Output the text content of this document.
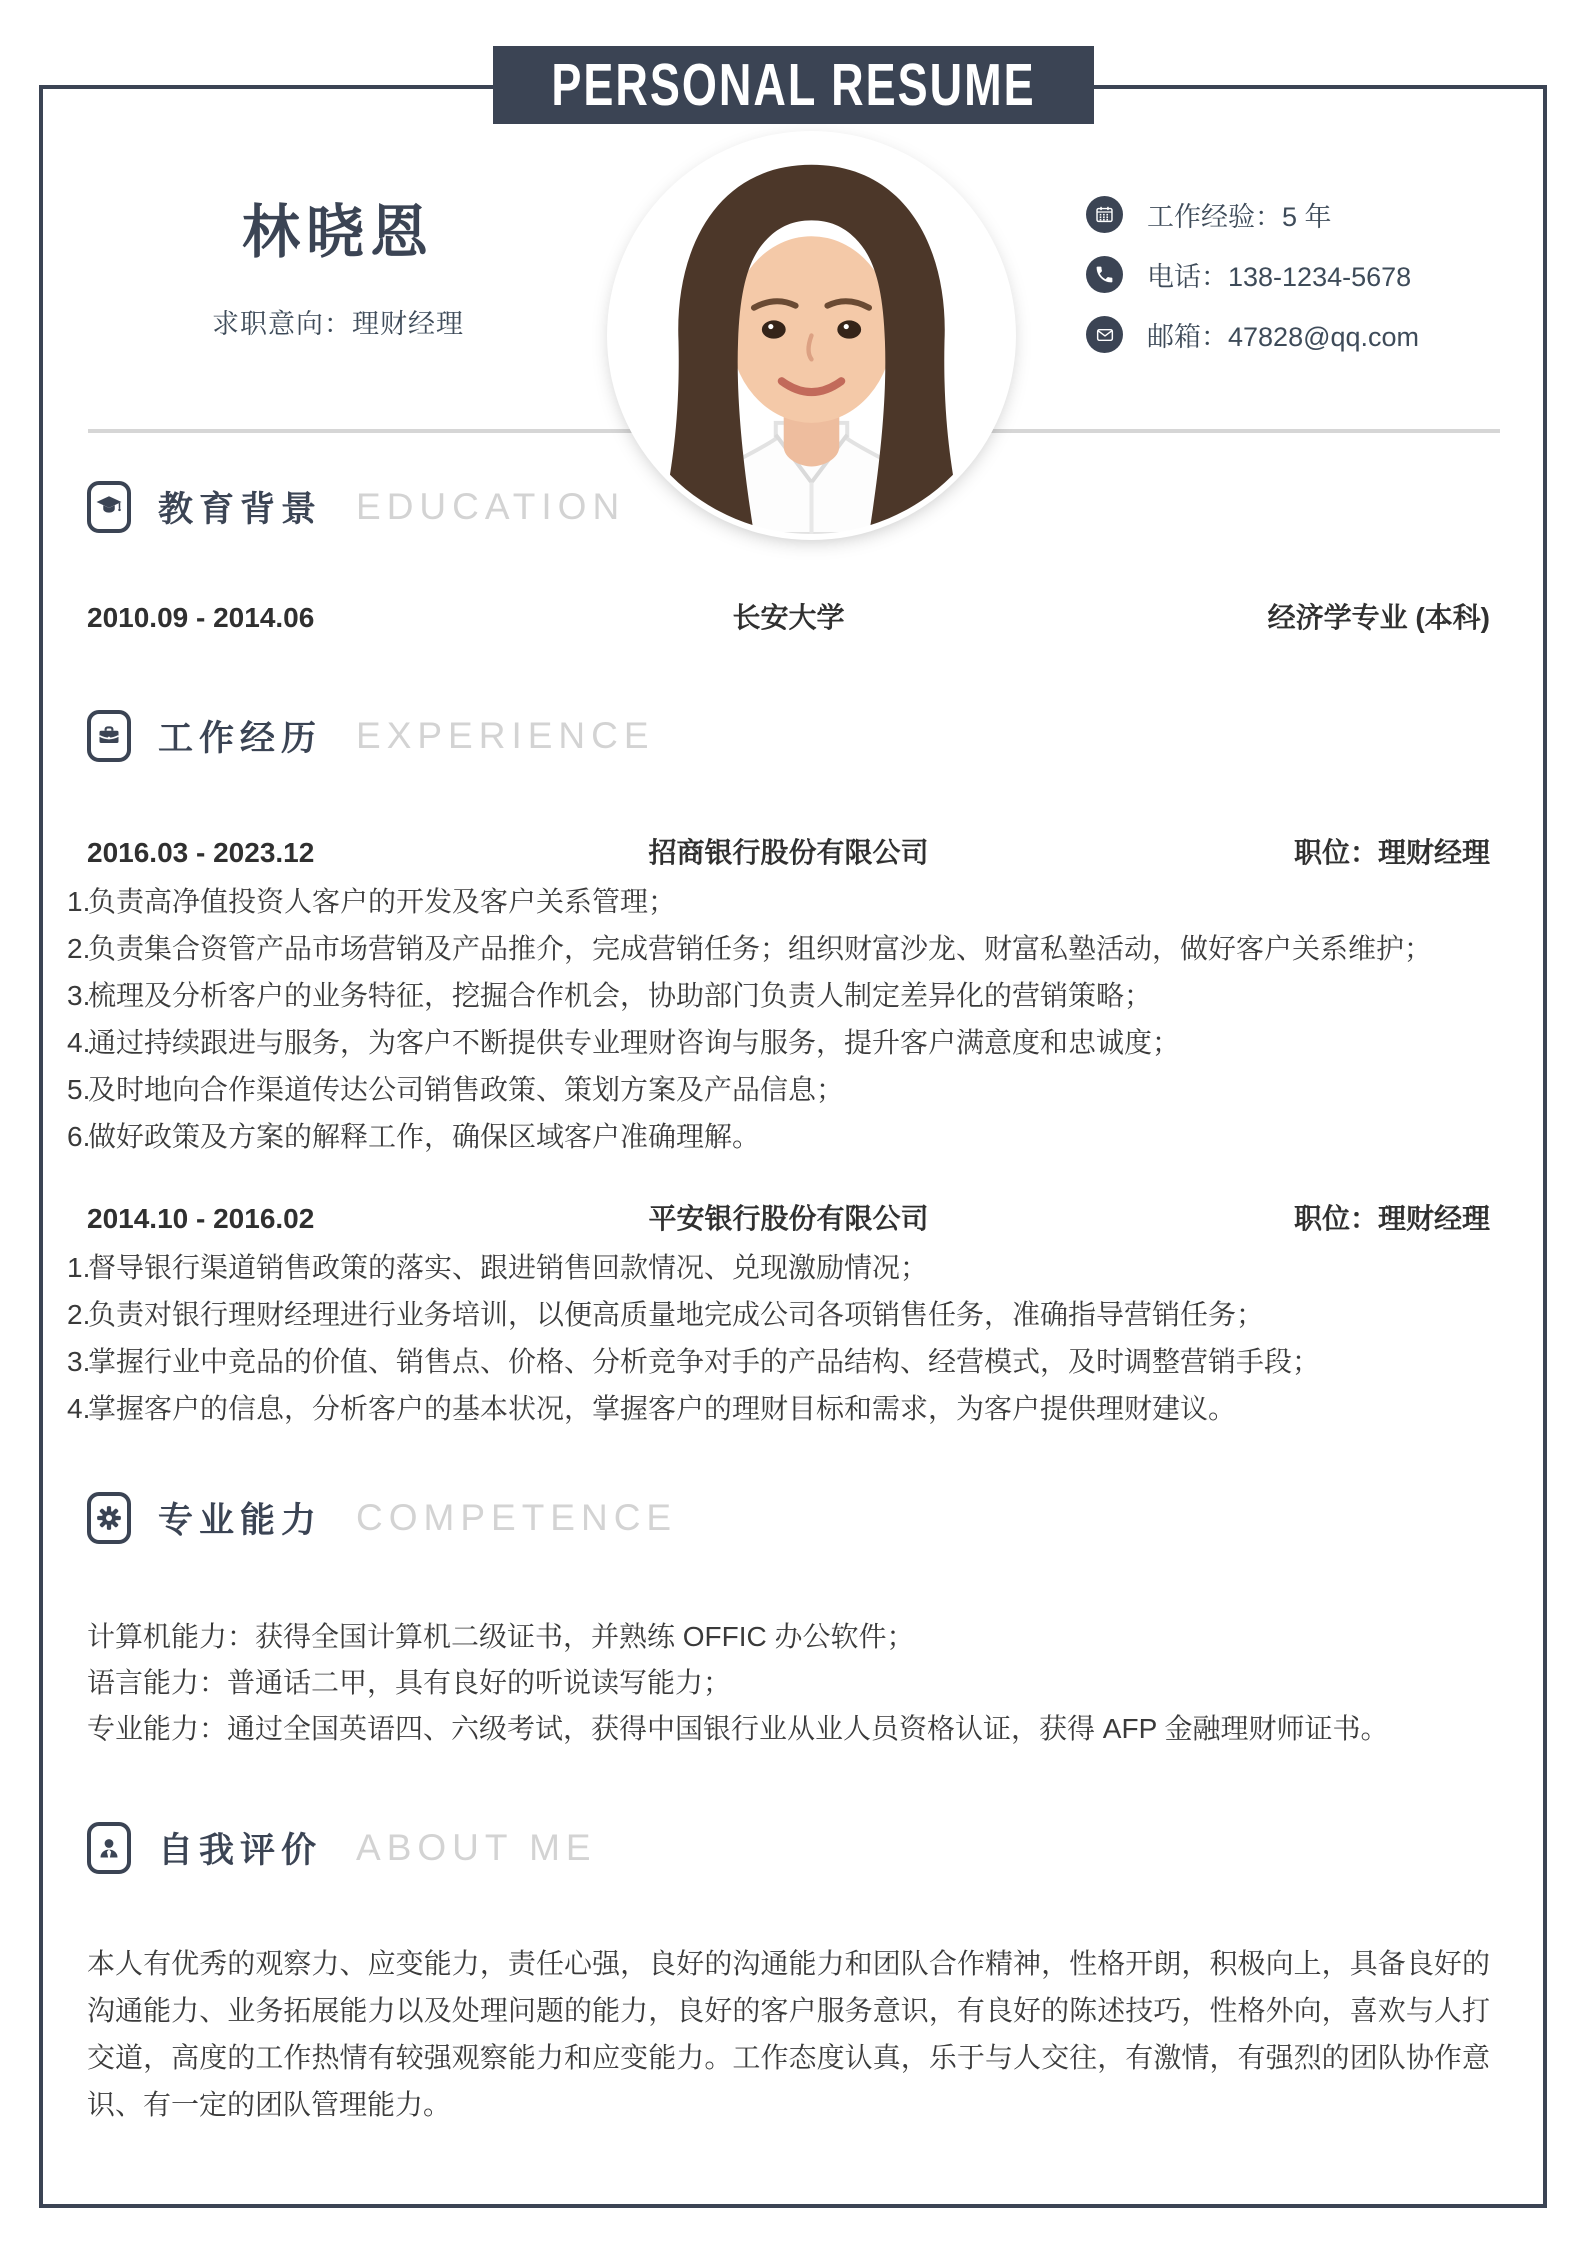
PERSONAL RESUME
林晓恩
求职意向：理财经理
工作经验：5 年
电话：138-1234-5678
邮箱：47828@qq.com
教育背景 EDUCATION
2010.09 - 2014.06	长安大学	经济学专业 (本科)
工作经历 EXPERIENCE
2016.03 - 2023.12	招商银行股份有限公司	职位：理财经理
1.
负责高净值投资人客户的开发及客户关系管理；
2.
负责集合资管产品市场营销及产品推介，完成营销任务；组织财富沙龙、财富私塾活动，做好客户关系维护；
3.
梳理及分析客户的业务特征，挖掘合作机会，协助部门负责人制定差异化的营销策略；
4.
通过持续跟进与服务，为客户不断提供专业理财咨询与服务，提升客户满意度和忠诚度；
5.
及时地向合作渠道传达公司销售政策、策划方案及产品信息；
6.
做好政策及方案的解释工作，确保区域客户准确理解。
2014.10 - 2016.02	平安银行股份有限公司	职位：理财经理
1.
督导银行渠道销售政策的落实、跟进销售回款情况、兑现激励情况；
2.
负责对银行理财经理进行业务培训，以便高质量地完成公司各项销售任务，准确指导营销任务；
3.
掌握行业中竞品的价值、销售点、价格、分析竞争对手的产品结构、经营模式，及时调整营销手段；
4.
掌握客户的信息，分析客户的基本状况，掌握客户的理财目标和需求，为客户提供理财建议。
专业能力 COMPETENCE
计算机能力：获得全国计算机二级证书，并熟练 OFFIC 办公软件；
语言能力：普通话二甲，具有良好的听说读写能力；
专业能力：通过全国英语四、六级考试，获得中国银行业从业人员资格认证，获得 AFP 金融理财师证书。
自我评价 ABOUT ME
本人有优秀的观察力、应变能力，责任心强，良好的沟通能力和团队合作精神，性格开朗，积极向上，具备良好的沟通能力、业务拓展能力以及处理问题的能力，良好的客户服务意识，有良好的陈述技巧，性格外向，喜欢与人打交道，高度的工作热情有较强观察能力和应变能力。工作态度认真，乐于与人交往，有激情，有强烈的团队协作意识、有一定的团队管理能力。
